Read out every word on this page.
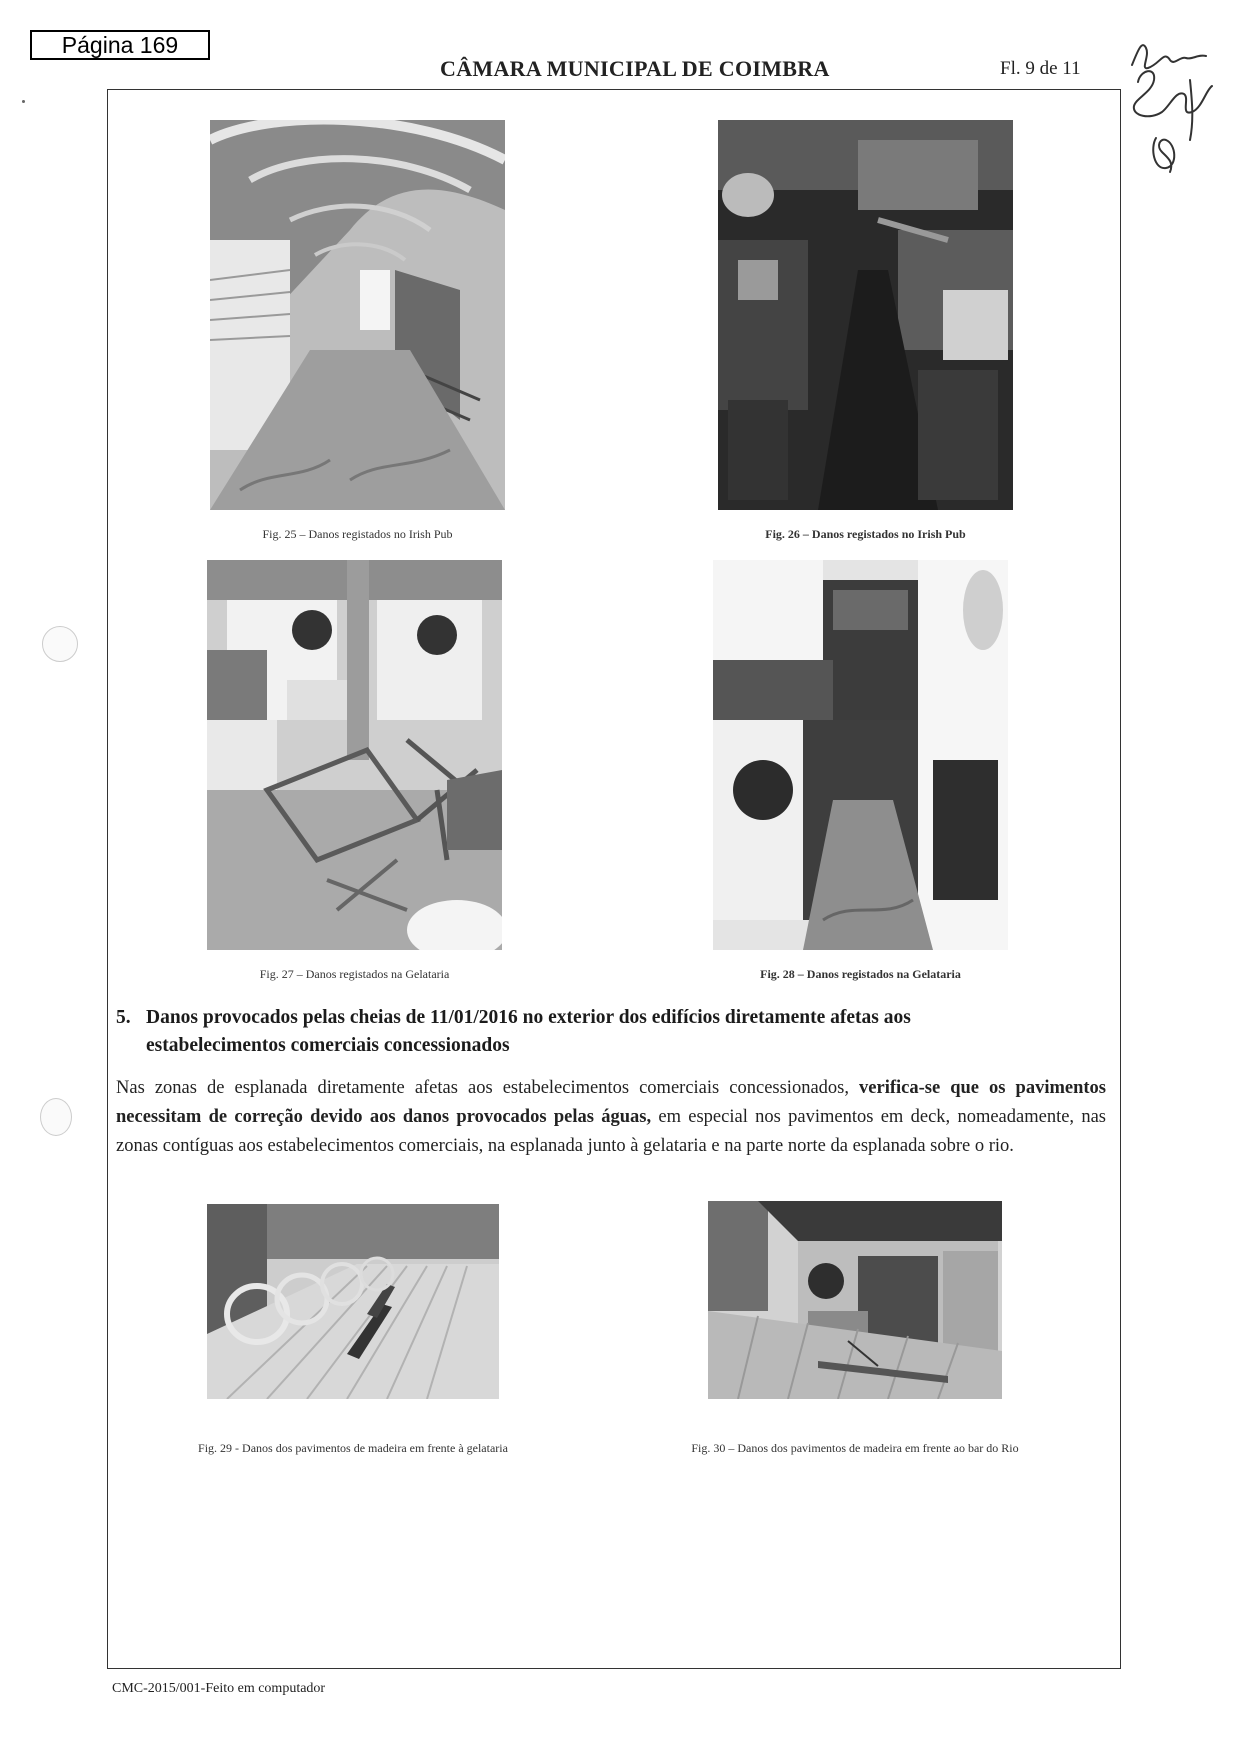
Página 169
CÂMARA MUNICIPAL DE COIMBRA	Fl. 9 de 11
Fig. 25 – Danos registados no Irish Pub	Fig. 26 – Danos registados no Irish Pub
Fig. 27 – Danos registados na Gelataria	Fig. 28 – Danos registados na Gelataria
5. Danos provocados pelas cheias de 11/01/2016 no exterior dos edifícios diretamente afetas aos
estabelecimentos comerciais concessionados
Nas zonas de esplanada diretamente afetas aos estabelecimentos comerciais concessionados, verifica-se que os pavimentos necessitam de correção devido aos danos provocados pelas águas, em especial nos pavimentos em deck, nomeadamente, nas zonas contíguas aos estabelecimentos comerciais, na esplanada junto à gelataria e na parte norte da esplanada sobre o rio.
Fig. 29 - Danos dos pavimentos de madeira em frente à gelataria	Fig. 30 – Danos dos pavimentos de madeira em frente ao bar do Rio
CMC-2015/001-Feito em computador
